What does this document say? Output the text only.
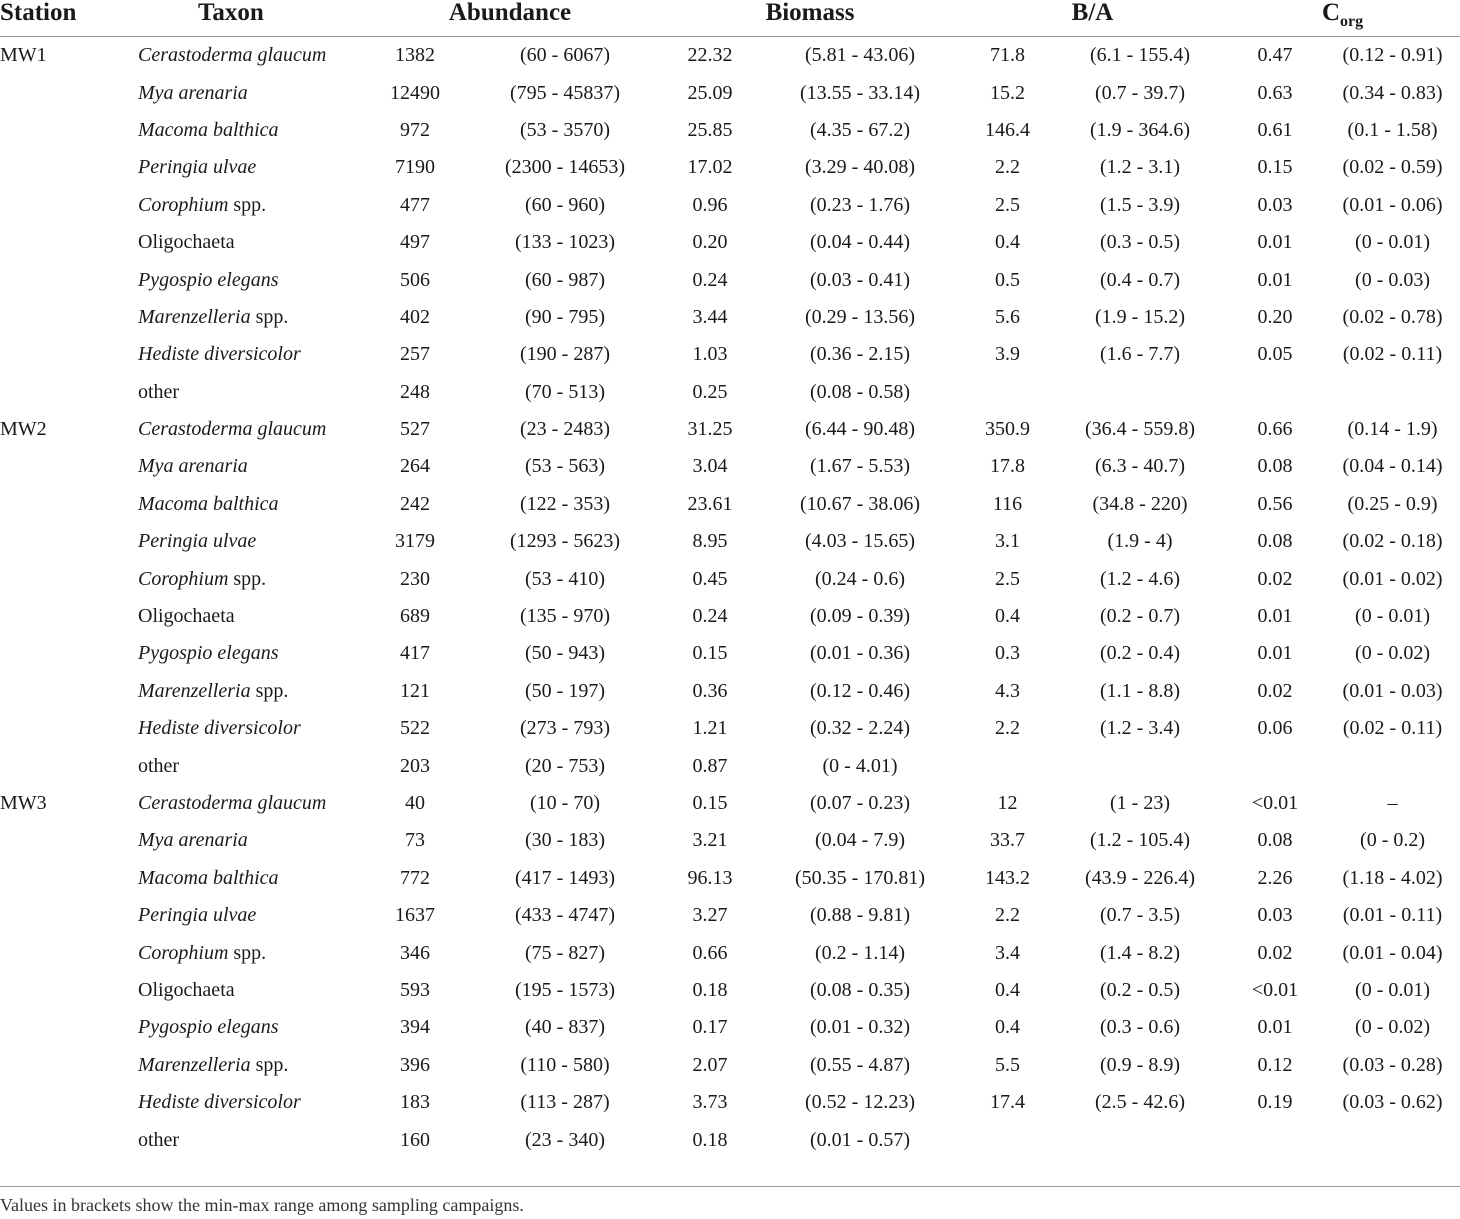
Station	Taxon	Abundance		Biomass		B/A		$C_{org}$
MW1	Cerastoderma glaucum	1382	(60 - 6067)	22.32	(5.81 - 43.06)	71.8	(6.1 - 155.4)	0.47	(0.12 - 0.91)
	Mya arenaria	12490	(795 - 45837)	25.09	(13.55 - 33.14)	15.2	(0.7 - 39.7)	0.63	(0.34 - 0.83)
	Macoma balthica	972	(53 - 3570)	25.85	(4.35 - 67.2)	146.4	(1.9 - 364.6)	0.61	(0.1 - 1.58)
	Peringia ulvae	7190	(2300 - 14653)	17.02	(3.29 - 40.08)	2.2	(1.2 - 3.1)	0.15	(0.02 - 0.59)
	Corophium spp.	477	(60 - 960)	0.96	(0.23 - 1.76)	2.5	(1.5 - 3.9)	0.03	(0.01 - 0.06)
	Oligochaeta	497	(133 - 1023)	0.20	(0.04 - 0.44)	0.4	(0.3 - 0.5)	0.01	(0 - 0.01)
	Pygospio elegans	506	(60 - 987)	0.24	(0.03 - 0.41)	0.5	(0.4 - 0.7)	0.01	(0 - 0.03)
	Marenzelleria spp.	402	(90 - 795)	3.44	(0.29 - 13.56)	5.6	(1.9 - 15.2)	0.20	(0.02 - 0.78)
	Hediste diversicolor	257	(190 - 287)	1.03	(0.36 - 2.15)	3.9	(1.6 - 7.7)	0.05	(0.02 - 0.11)
	other	248	(70 - 513)	0.25	(0.08 - 0.58)				
MW2	Cerastoderma glaucum	527	(23 - 2483)	31.25	(6.44 - 90.48)	350.9	(36.4 - 559.8)	0.66	(0.14 - 1.9)
	Mya arenaria	264	(53 - 563)	3.04	(1.67 - 5.53)	17.8	(6.3 - 40.7)	0.08	(0.04 - 0.14)
	Macoma balthica	242	(122 - 353)	23.61	(10.67 - 38.06)	116	(34.8 - 220)	0.56	(0.25 - 0.9)
	Peringia ulvae	3179	(1293 - 5623)	8.95	(4.03 - 15.65)	3.1	(1.9 - 4)	0.08	(0.02 - 0.18)
	Corophium spp.	230	(53 - 410)	0.45	(0.24 - 0.6)	2.5	(1.2 - 4.6)	0.02	(0.01 - 0.02)
	Oligochaeta	689	(135 - 970)	0.24	(0.09 - 0.39)	0.4	(0.2 - 0.7)	0.01	(0 - 0.01)
	Pygospio elegans	417	(50 - 943)	0.15	(0.01 - 0.36)	0.3	(0.2 - 0.4)	0.01	(0 - 0.02)
	Marenzelleria spp.	121	(50 - 197)	0.36	(0.12 - 0.46)	4.3	(1.1 - 8.8)	0.02	(0.01 - 0.03)
	Hediste diversicolor	522	(273 - 793)	1.21	(0.32 - 2.24)	2.2	(1.2 - 3.4)	0.06	(0.02 - 0.11)
	other	203	(20 - 753)	0.87	(0 - 4.01)				
MW3	Cerastoderma glaucum	40	(10 - 70)	0.15	(0.07 - 0.23)	12	(1 - 23)	<0.01	–
	Mya arenaria	73	(30 - 183)	3.21	(0.04 - 7.9)	33.7	(1.2 - 105.4)	0.08	(0 - 0.2)
	Macoma balthica	772	(417 - 1493)	96.13	(50.35 - 170.81)	143.2	(43.9 - 226.4)	2.26	(1.18 - 4.02)
	Peringia ulvae	1637	(433 - 4747)	3.27	(0.88 - 9.81)	2.2	(0.7 - 3.5)	0.03	(0.01 - 0.11)
	Corophium spp.	346	(75 - 827)	0.66	(0.2 - 1.14)	3.4	(1.4 - 8.2)	0.02	(0.01 - 0.04)
	Oligochaeta	593	(195 - 1573)	0.18	(0.08 - 0.35)	0.4	(0.2 - 0.5)	<0.01	(0 - 0.01)
	Pygospio elegans	394	(40 - 837)	0.17	(0.01 - 0.32)	0.4	(0.3 - 0.6)	0.01	(0 - 0.02)
	Marenzelleria spp.	396	(110 - 580)	2.07	(0.55 - 4.87)	5.5	(0.9 - 8.9)	0.12	(0.03 - 0.28)
	Hediste diversicolor	183	(113 - 287)	3.73	(0.52 - 12.23)	17.4	(2.5 - 42.6)	0.19	(0.03 - 0.62)
	other	160	(23 - 340)	0.18	(0.01 - 0.57)				
Values in brackets show the min-max range among sampling campaigns.
